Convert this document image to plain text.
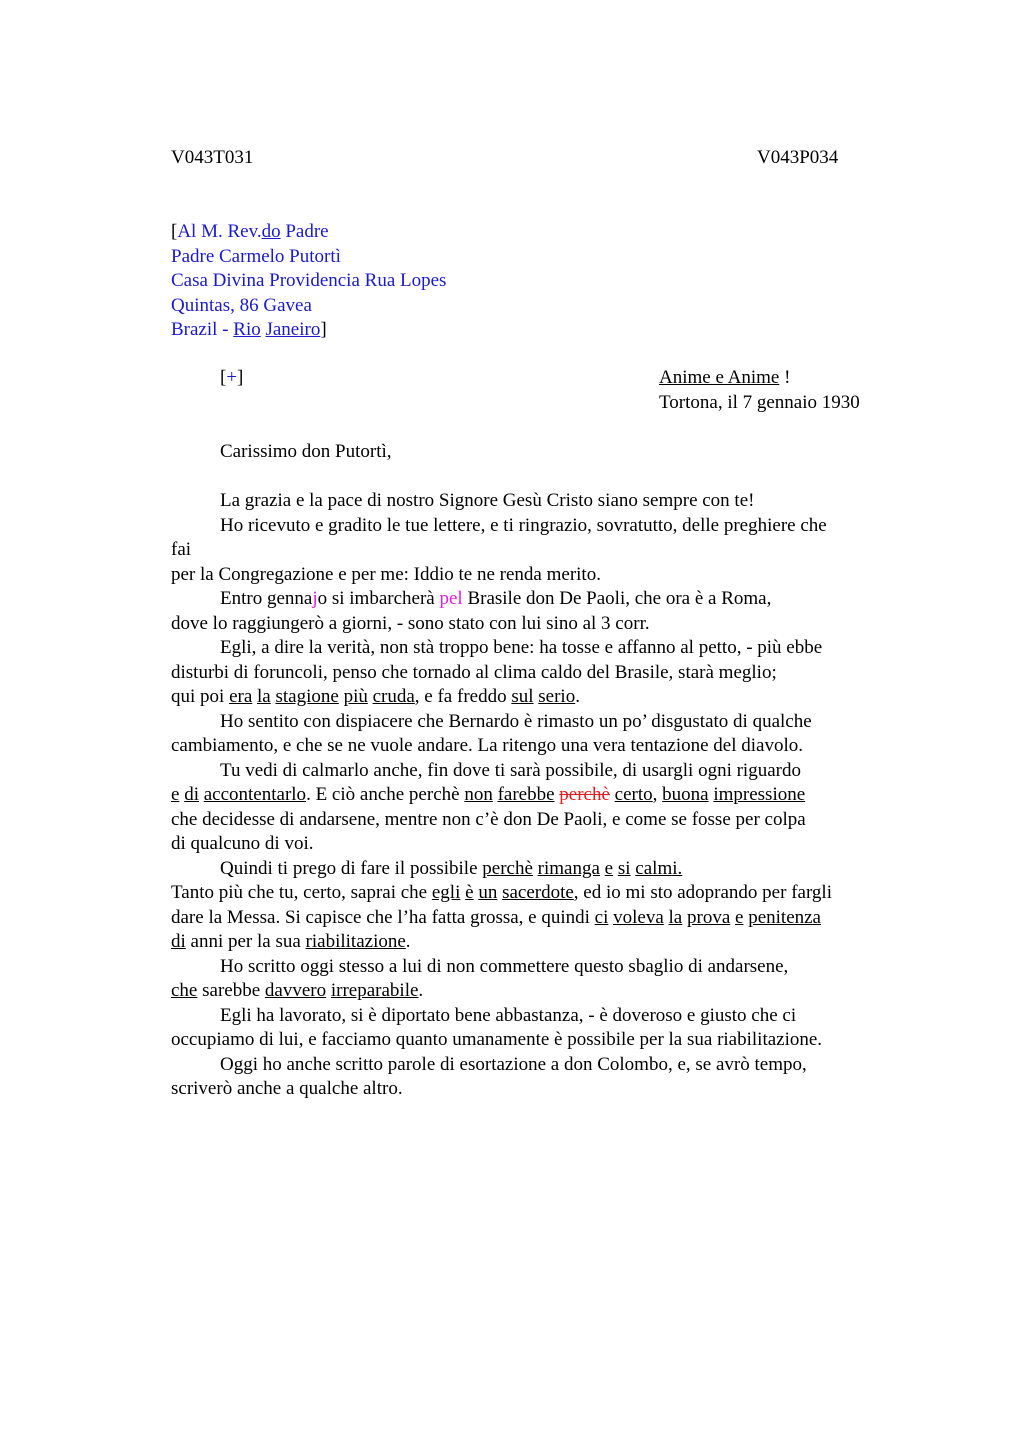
V043T031	V043P034
[Al M. Rev.do Padre
Padre Carmelo Putortì
Casa Divina Providencia Rua Lopes
Quintas, 86 Gavea
Brazil - Rio Janeiro]
[+]	Anime e Anime !
Tortona, il 7 gennaio 1930
Carissimo don Putortì,
La grazia e la pace di nostro Signore Gesù Cristo siano sempre con te!
Ho ricevuto e gradito le tue lettere, e ti ringrazio, sovratutto, delle preghiere che
fai
per la Congregazione e per me: Iddio te ne renda merito.
Entro gennajo si imbarcherà pel Brasile don De Paoli, che ora è a Roma,
dove lo raggiungerò a giorni, - sono stato con lui sino al 3 corr.
Egli, a dire la verità, non stà troppo bene: ha tosse e affanno al petto, - più ebbe
disturbi di foruncoli, penso che tornado al clima caldo del Brasile, starà meglio;
qui poi era la stagione più cruda, e fa freddo sul serio.
Ho sentito con dispiacere che Bernardo è rimasto un po’ disgustato di qualche
cambiamento, e che se ne vuole andare. La ritengo una vera tentazione del diavolo.
Tu vedi di calmarlo anche, fin dove ti sarà possibile, di usargli ogni riguardo
e di accontentarlo. E ciò anche perchè non farebbe perchè certo, buona impressione
che decidesse di andarsene, mentre non c’è don De Paoli, e come se fosse per colpa
di qualcuno di voi.
Quindi ti prego di fare il possibile perchè rimanga e si calmi.
Tanto più che tu, certo, saprai che egli è un sacerdote, ed io mi sto adoprando per fargli
dare la Messa. Si capisce che l’ha fatta grossa, e quindi ci voleva la prova e penitenza
di anni per la sua riabilitazione.
Ho scritto oggi stesso a lui di non commettere questo sbaglio di andarsene,
che sarebbe davvero irreparabile.
Egli ha lavorato, si è diportato bene abbastanza, - è doveroso e giusto che ci
occupiamo di lui, e facciamo quanto umanamente è possibile per la sua riabilitazione.
Oggi ho anche scritto parole di esortazione a don Colombo, e, se avrò tempo,
scriverò anche a qualche altro.
